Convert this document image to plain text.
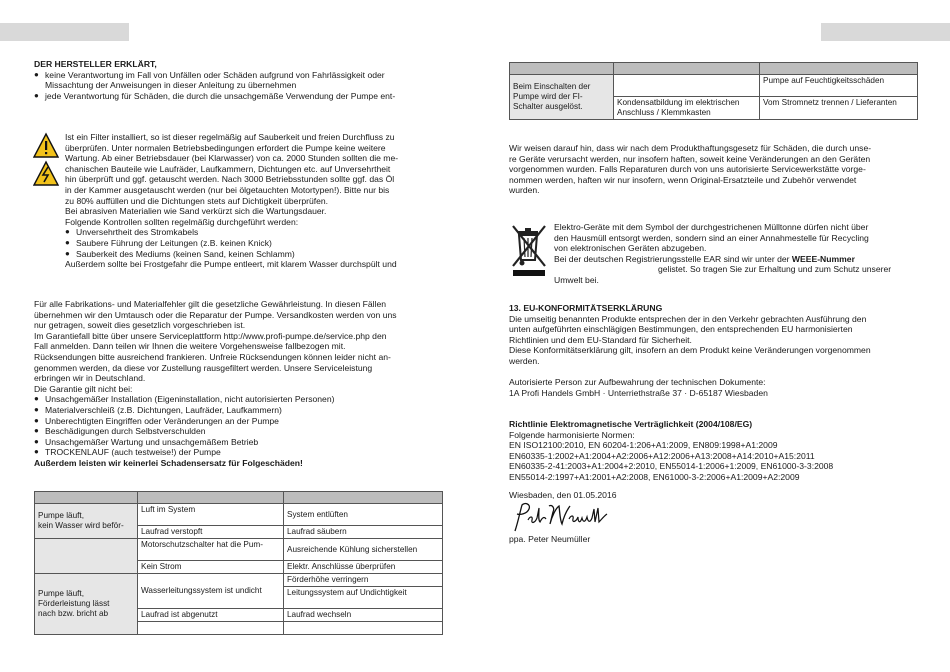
DER HERSTELLER ERKLÄRT,

● keine Verantwortung im Fall von Unfällen oder Schäden aufgrund von Fahrlässigkeit oder
Missachtung der Anweisungen in dieser Anleitung zu übernehmen
● jede Verantwortung für Schäden, die durch die unsachgemäße Verwendung der Pumpe ent-

Ist ein Filter installiert, so ist dieser regelmäßig auf Sauberkeit und freien Durchfluss zu

überprüfen. Unter normalen Betriebsbedingungen erfordert die Pumpe keine weitere

Wartung. Ab einer Betriebsdauer (bei Klarwasser) von ca. 2000 Stunden sollten die me-

chanischen Bauteile wie Laufräder, Laufkammern, Dichtungen etc. auf Unversehrtheit

hin überprüft und ggf. getauscht werden. Nach 3000 Betriebsstunden sollte ggf. das Öl

in der Kammer ausgetauscht werden (nur bei ölgetauchten Motortypen!). Bitte nur bis

zu 80% auffüllen und die Dichtungen stets auf Dichtigkeit überprüfen.

Bei abrasiven Materialien wie Sand verkürzt sich die Wartungsdauer.

Folgende Kontrollen sollten regelmäßig durchgeführt werden:

● Unversehrtheit des Stromkabels
● Saubere Führung der Leitungen (z.B. keinen Knick)
● Sauberkeit des Mediums (keinen Sand, keinen Schlamm)

Außerdem sollte bei Frostgefahr die Pumpe entleert, mit klarem Wasser durchspült und

Für alle Fabrikations- und Materialfehler gilt die gesetzliche Gewährleistung. In diesen Fällen

übernehmen wir den Umtausch oder die Reparatur der Pumpe. Versandkosten werden von uns

nur getragen, soweit dies gesetzlich vorgeschrieben ist.

Im Garantiefall bitte über unsere Serviceplattform http://www.profi-pumpe.de/service.php den

Fall anmelden. Dann teilen wir Ihnen die weitere Vorgehensweise fallbezogen mit.

Rücksendungen bitte ausreichend frankieren. Unfreie Rücksendungen können leider nicht an-

genommen werden, da diese vor Zustellung rausgefiltert werden. Unsere Serviceleistung

erbringen wir in Deutschland.

Die Garantie gilt nicht bei:

● Unsachgemäßer Installation (Eigeninstallation, nicht autorisierten Personen)
● Materialverschleiß (z.B. Dichtungen, Laufräder, Laufkammern)
● Unberechtigten Eingriffen oder Veränderungen an der Pumpe
● Beschädigungen durch Selbstverschulden
● Unsachgemäßer Wartung und unsachgemäßem Betrieb
● TROCKENLAUF (auch testweise!) der Pumpe

Außerdem leisten wir keinerlei Schadensersatz für Folgeschäden!

Pumpe läuft,
kein Wasser wird beför-	Luft im System	System entlüften
	Laufrad verstopft	Laufrad säubern
	Motorschutzschalter hat die Pum-	Ausreichende Kühlung sicherstellen
	Kein Strom	Elektr. Anschlüsse überprüfen
Pumpe läuft,
Förderleistung lässt
nach bzw. bricht ab	Wasserleitungssystem ist undicht	Förderhöhe verringern
		Leitungssystem auf Undichtigkeit
	Laufrad ist abgenutzt	Laufrad wechseln

Beim Einschalten der
Pumpe wird der FI-
Schalter ausgelöst.		Pumpe auf Feuchtigkeitsschäden
	Kondensatbildung im elektrischen
Anschluss / Klemmkasten	Vom Stromnetz trennen / Lieferanten

Wir weisen darauf hin, dass wir nach dem Produkthaftungsgesetz für Schäden, die durch unse-

re Geräte verursacht werden, nur insofern haften, soweit keine Veränderungen an den Geräten

vorgenommen wurden. Falls Reparaturen durch von uns autorisierte Servicewerkstätte vorge-

nommen werden, haften wir nur insofern, wenn Original-Ersatzteile und Zubehör verwendet

wurden.

Elektro-Geräte mit dem Symbol der durchgestrichenen Mülltonne dürfen nicht über

den Hausmüll entsorgt werden, sondern sind an einer Annahmestelle für Recycling

von elektronischen Geräten abzugeben.

Bei der deutschen Registrierungsstelle EAR sind wir unter der WEEE-Nummer

gelistet. So tragen Sie zur Erhaltung und zum Schutz unserer

Umwelt bei.

13. EU-KONFORMITÄTSERKLÄRUNG

Die umseitig benannten Produkte entsprechen der in den Verkehr gebrachten Ausführung den

unten aufgeführten einschlägigen Bestimmungen, den entsprechenden EU harmonisierten

Richtlinien und dem EU-Standard für Sicherheit.

Diese Konformitätserklärung gilt, insofern an dem Produkt keine Veränderungen vorgenommen

werden.

Autorisierte Person zur Aufbewahrung der technischen Dokumente:

1A Profi Handels GmbH · Unterriethstraße 37 · D-65187 Wiesbaden

Richtlinie Elektromagnetische Verträglichkeit (2004/108/EG)

Folgende harmonisierte Normen:

EN ISO12100:2010, EN 60204-1:206+A1:2009, EN809:1998+A1:2009

EN60335-1:2002+A1:2004+A2:2006+A12:2006+A13:2008+A14:2010+A15:2011

EN60335-2-41:2003+A1:2004+2:2010, EN55014-1:2006+1:2009, EN61000-3-3:2008

EN55014-2:1997+A1:2001+A2:2008, EN61000-3-2:2006+A1:2009+A2:2009

Wiesbaden, den 01.05.2016

ppa. Peter Neumüller
